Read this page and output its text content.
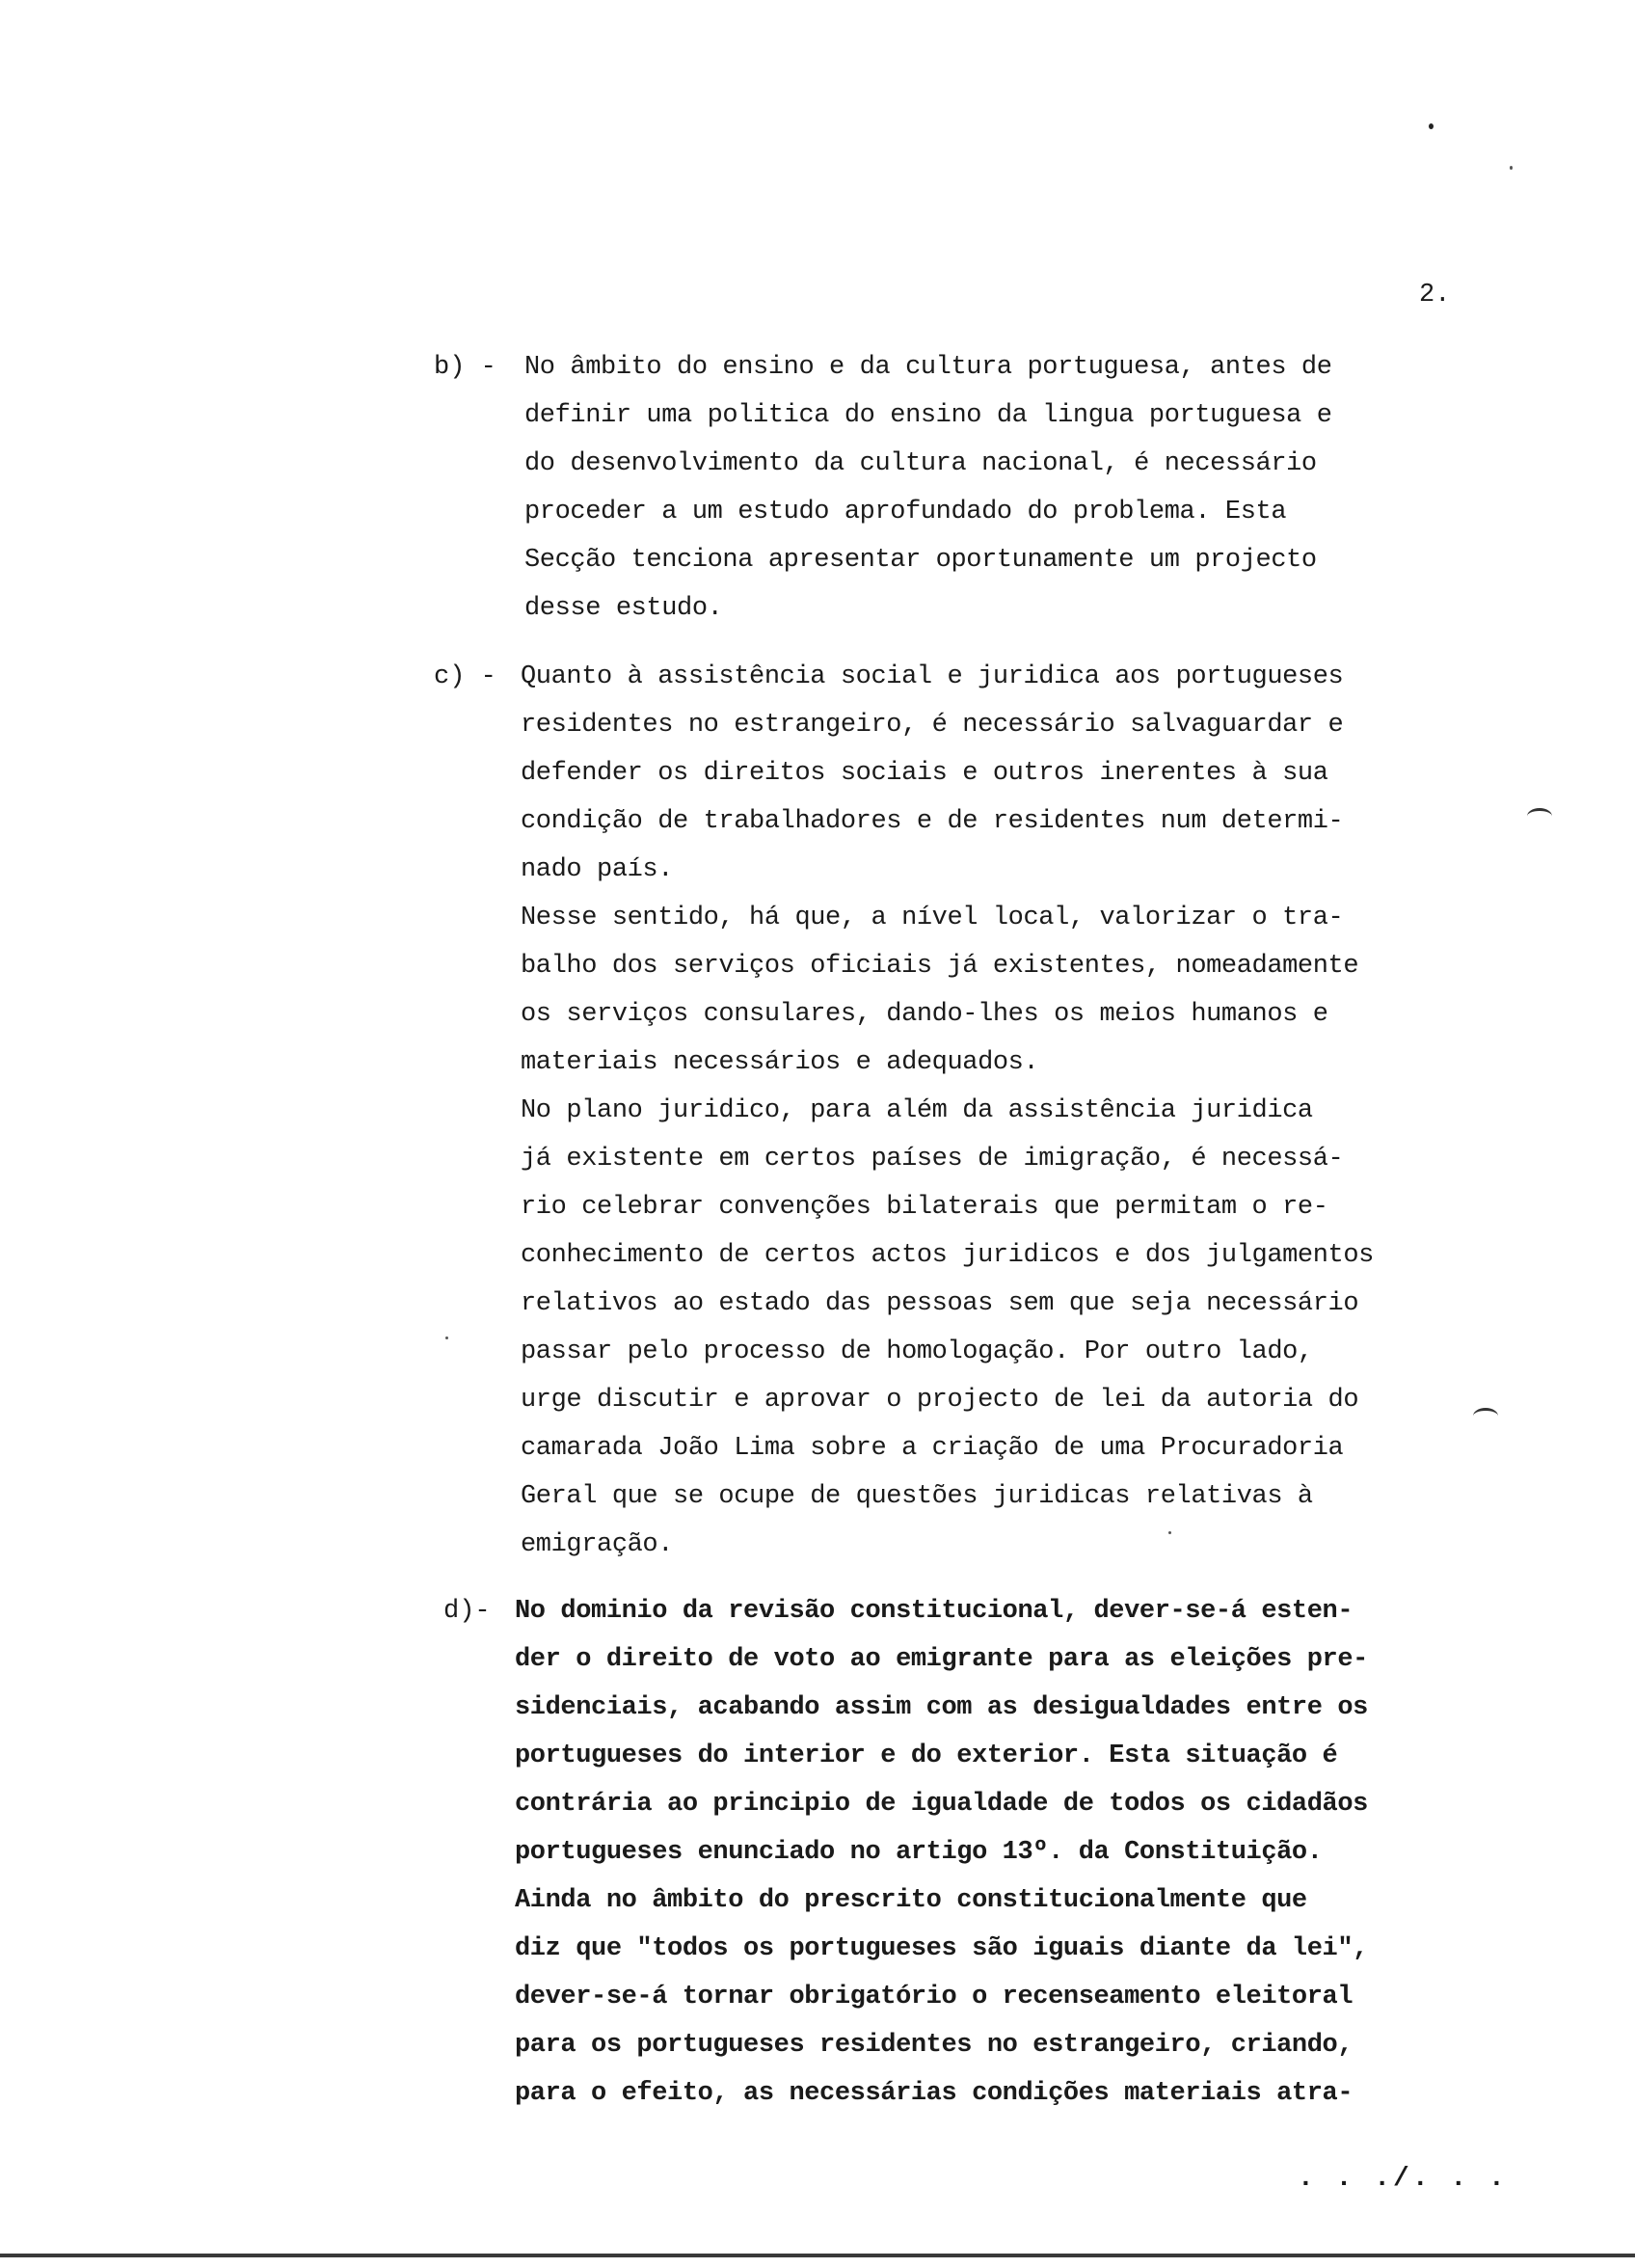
2.
b) - No âmbito do ensino e da cultura portuguesa, antes de
definir uma politica do ensino da lingua portuguesa e
do desenvolvimento da cultura nacional, é necessário
proceder a um estudo aprofundado do problema. Esta
Secção tenciona apresentar oportunamente um projecto
desse estudo.
c) - Quanto à assistência social e juridica aos portugueses
residentes no estrangeiro, é necessário salvaguardar e
defender os direitos sociais e outros inerentes à sua
condição de trabalhadores e de residentes num determi-
nado país.
Nesse sentido, há que, a nível local, valorizar o tra-
balho dos serviços oficiais já existentes, nomeadamente
os serviços consulares, dando-lhes os meios humanos e
materiais necessários e adequados.
No plano juridico, para além da assistência juridica
já existente em certos países de imigração, é necessá-
rio celebrar convenções bilaterais que permitam o re-
conhecimento de certos actos juridicos e dos julgamentos
relativos ao estado das pessoas sem que seja necessário
passar pelo processo de homologação. Por outro lado,
urge discutir e aprovar o projecto de lei da autoria do
camarada João Lima sobre a criação de uma Procuradoria
Geral que se ocupe de questões juridicas relativas à
emigração.
d)- No dominio da revisão constitucional, dever-se-á esten-
der o direito de voto ao emigrante para as eleições pre-
sidenciais, acabando assim com as desigualdades entre os
portugueses do interior e do exterior. Esta situação é
contrária ao principio de igualdade de todos os cidadãos
portugueses enunciado no artigo 13º. da Constituição.
Ainda no âmbito do prescrito constitucionalmente que
diz que "todos os portugueses são iguais diante da lei",
dever-se-á tornar obrigatório o recenseamento eleitoral
para os portugueses residentes no estrangeiro, criando,
para o efeito, as necessárias condições materiais atra-
. . ./. . .
